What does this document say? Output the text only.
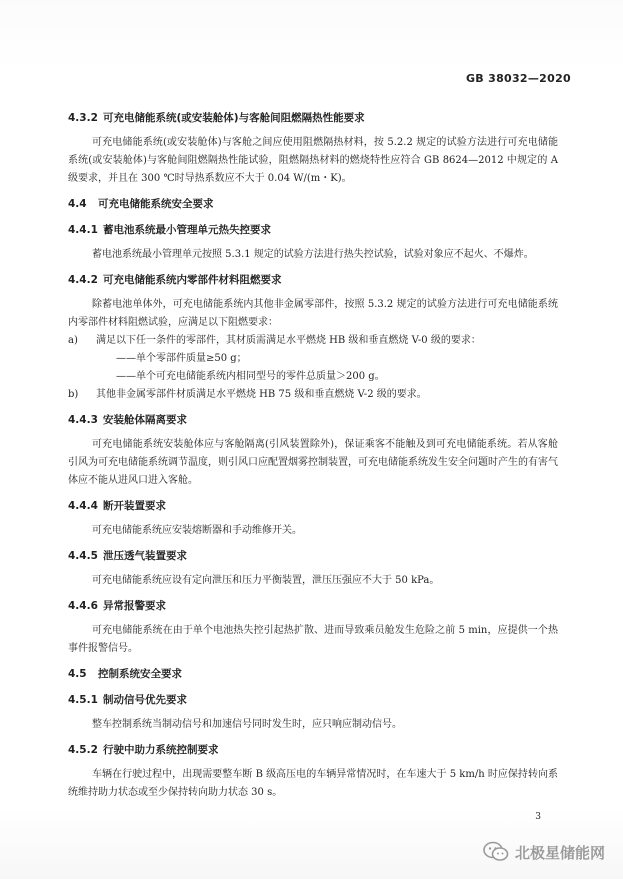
GB 38032—2020
4.3.2 可充电储能系统(或安装舱体)与客舱间阻燃隔热性能要求
可充电储能系统(或安装舱体)与客舱之间应使用阻燃隔热材料，按 5.2.2 规定的试验方法进行可充电储能系统(或安装舱体)与客舱间阻燃隔热性能试验，阻燃隔热材料的燃烧特性应符合 GB 8624—2012 中规定的 A 级要求，并且在 300 ℃时导热系数应不大于 0.04 W/(m・K)。
4.4	可充电储能系统安全要求
4.4.1 蓄电池系统最小管理单元热失控要求
蓄电池系统最小管理单元按照 5.3.1 规定的试验方法进行热失控试验，试验对象应不起火、不爆炸。
4.4.2 可充电储能系统内零部件材料阻燃要求
除蓄电池单体外，可充电储能系统内其他非金属零部件，按照 5.3.2 规定的试验方法进行可充电储能系统内零部件材料阻燃试验，应满足以下阻燃要求：
a)	满足以下任一条件的零部件，其材质需满足水平燃烧 HB 级和垂直燃烧 V-0 级的要求：
——单个零部件质量≥50 g；
——单个可充电储能系统内相同型号的零件总质量＞200 g。
b)	其他非金属零部件材质满足水平燃烧 HB 75 级和垂直燃烧 V-2 级的要求。
4.4.3 安装舱体隔离要求
可充电储能系统安装舱体应与客舱隔离(引风装置除外)，保证乘客不能触及到可充电储能系统。若从客舱引风为可充电储能系统调节温度，则引风口应配置烟雾控制装置，可充电储能系统发生安全问题时产生的有害气体应不能从进风口进入客舱。
4.4.4 断开装置要求
可充电储能系统应安装熔断器和手动维修开关。
4.4.5 泄压透气装置要求
可充电储能系统应设有定向泄压和压力平衡装置，泄压压强应不大于 50 kPa。
4.4.6 异常报警要求
可充电储能系统在由于单个电池热失控引起热扩散、进而导致乘员舱发生危险之前 5 min，应提供一个热事件报警信号。
4.5	控制系统安全要求
4.5.1 制动信号优先要求
整车控制系统当制动信号和加速信号同时发生时，应只响应制动信号。
4.5.2 行驶中助力系统控制要求
车辆在行驶过程中，出现需要整车断 B 级高压电的车辆异常情况时，在车速大于 5 km/h 时应保持转向系统维持助力状态或至少保持转向助力状态 30 s。
3
北极星储能网
